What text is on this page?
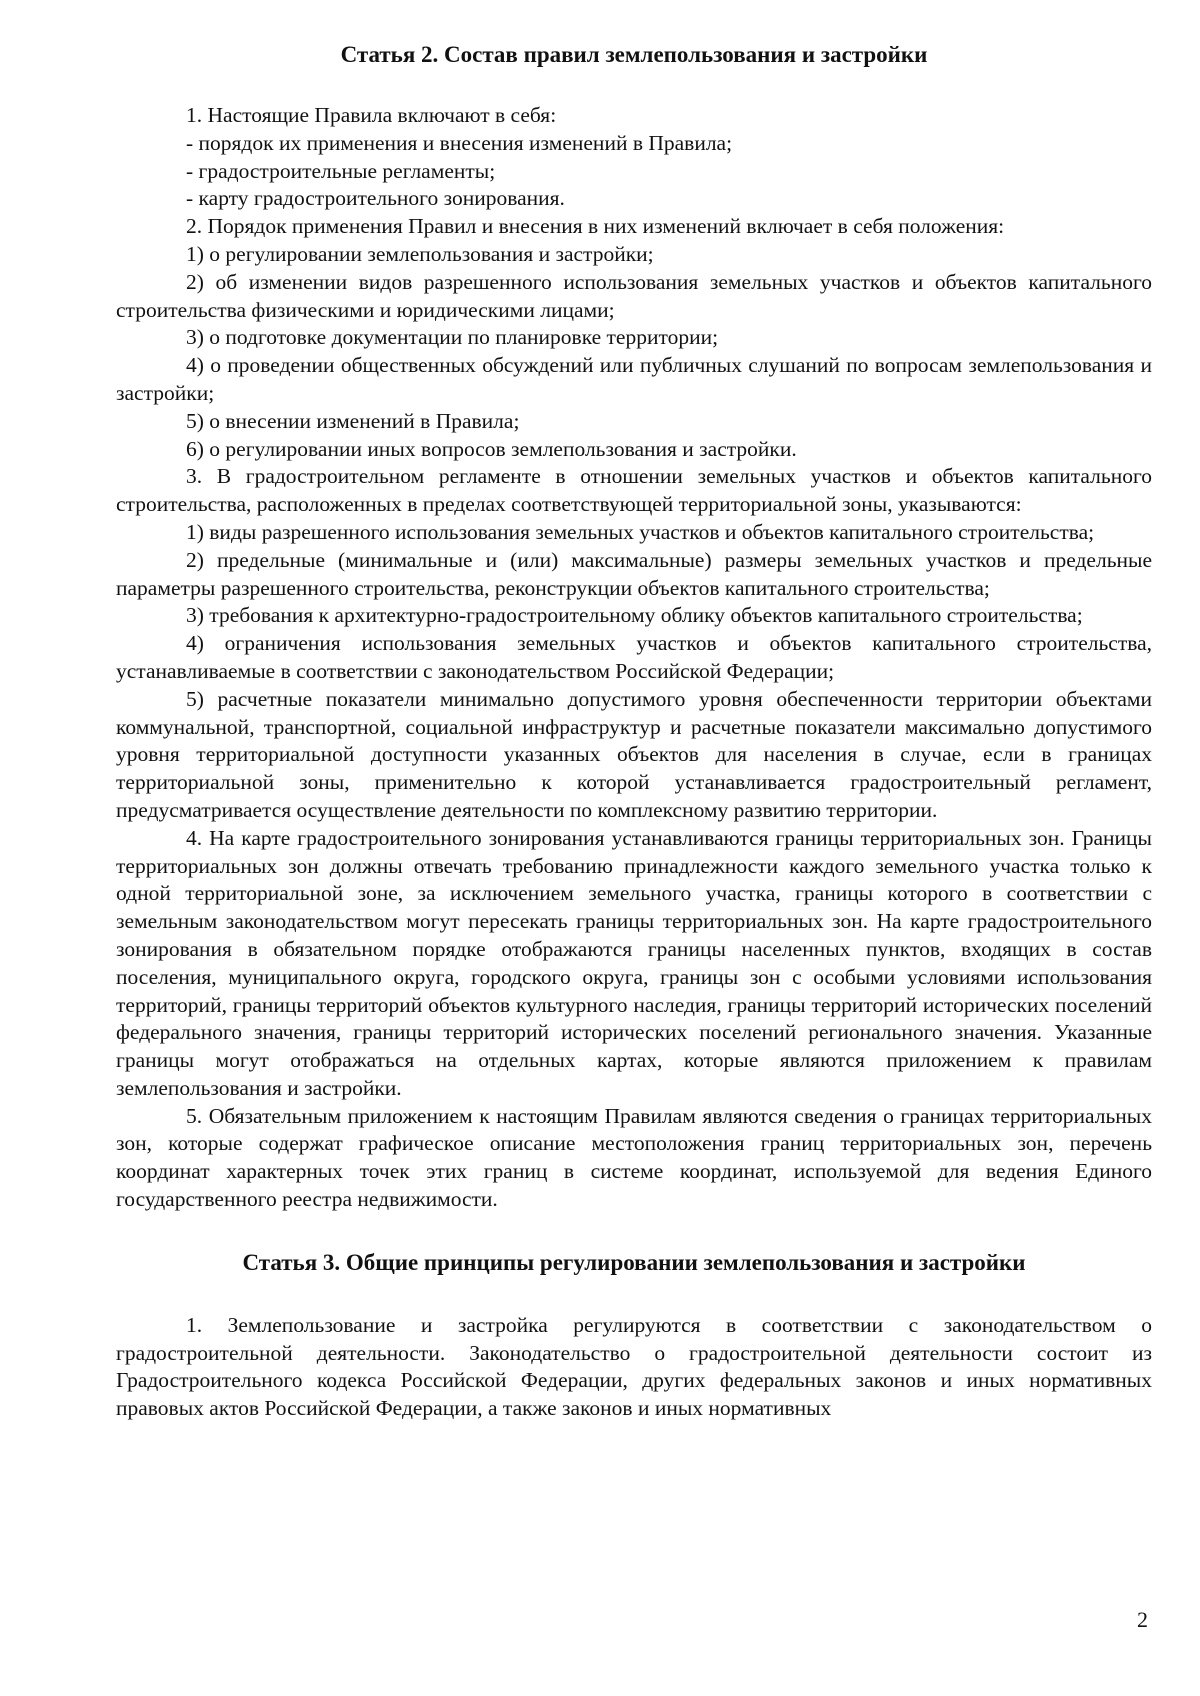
Статья 2. Состав правил землепользования и застройки

1. Настоящие Правила включают в себя:

- порядок их применения и внесения изменений в Правила;

- градостроительные регламенты;

- карту градостроительного зонирования.

2. Порядок применения Правил и внесения в них изменений включает в себя положения:

1) о регулировании землепользования и застройки;

2) об изменении видов разрешенного использования земельных участков и объектов капитального строительства физическими и юридическими лицами;

3) о подготовке документации по планировке территории;

4) о проведении общественных обсуждений или публичных слушаний по вопросам землепользования и застройки;

5) о внесении изменений в Правила;

6) о регулировании иных вопросов землепользования и застройки.

3. В градостроительном регламенте в отношении земельных участков и объектов капитального строительства, расположенных в пределах соответствующей территориальной зоны, указываются:

1) виды разрешенного использования земельных участков и объектов капитального строительства;

2) предельные (минимальные и (или) максимальные) размеры земельных участков и предельные параметры разрешенного строительства, реконструкции объектов капитального строительства;

3) требования к архитектурно-градостроительному облику объектов капитального строительства;

4) ограничения использования земельных участков и объектов капитального строительства, устанавливаемые в соответствии с законодательством Российской Федерации;

5) расчетные показатели минимально допустимого уровня обеспеченности территории объектами коммунальной, транспортной, социальной инфраструктур и расчетные показатели максимально допустимого уровня территориальной доступности указанных объектов для населения в случае, если в границах территориальной зоны, применительно к которой устанавливается градостроительный регламент, предусматривается осуществление деятельности по комплексному развитию территории.

4. На карте градостроительного зонирования устанавливаются границы территориальных зон. Границы территориальных зон должны отвечать требованию принадлежности каждого земельного участка только к одной территориальной зоне, за исключением земельного участка, границы которого в соответствии с земельным законодательством могут пересекать границы территориальных зон. На карте градостроительного зонирования в обязательном порядке отображаются границы населенных пунктов, входящих в состав поселения, муниципального округа, городского округа, границы зон с особыми условиями использования территорий, границы территорий объектов культурного наследия, границы территорий исторических поселений федерального значения, границы территорий исторических поселений регионального значения. Указанные границы могут отображаться на отдельных картах, которые являются приложением к правилам землепользования и застройки.

5. Обязательным приложением к настоящим Правилам являются сведения о границах территориальных зон, которые содержат графическое описание местоположения границ территориальных зон, перечень координат характерных точек этих границ в системе координат, используемой для ведения Единого государственного реестра недвижимости.

Статья 3. Общие принципы регулировании землепользования и застройки

1. Землепользование и застройка регулируются в соответствии с законодательством о градостроительной деятельности. Законодательство о градостроительной деятельности состоит из Градостроительного кодекса Российской Федерации, других федеральных законов и иных нормативных правовых актов Российской Федерации, а также законов и иных нормативных

2
